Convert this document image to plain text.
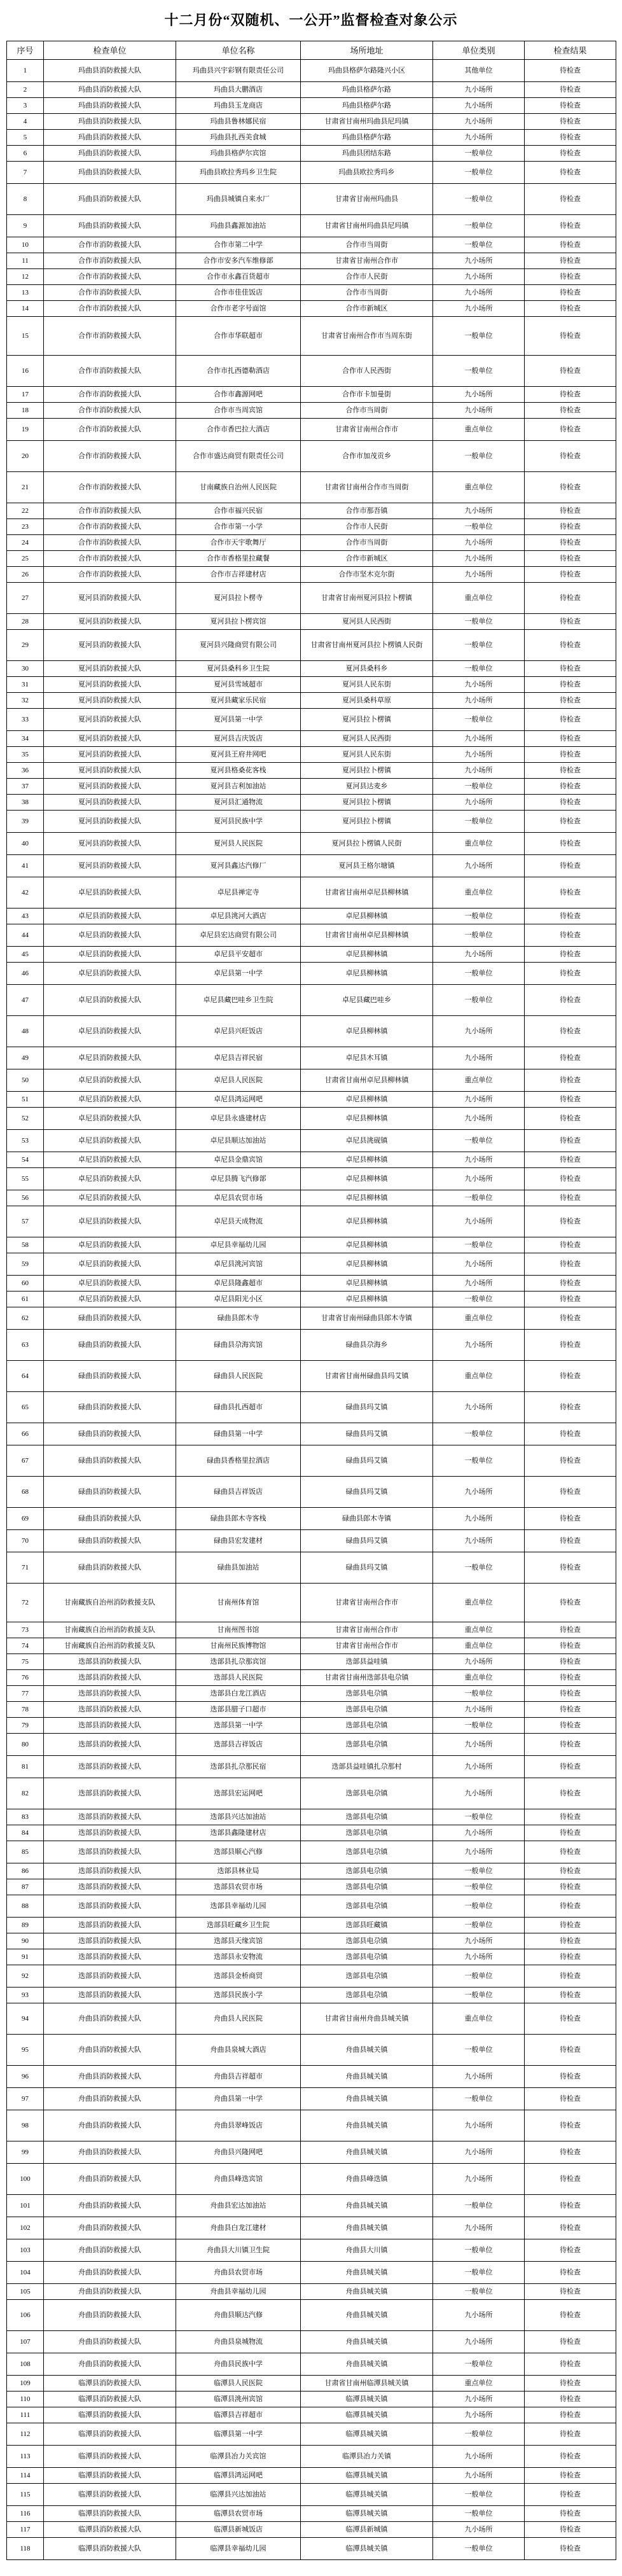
十二月份“双随机、一公开”监督检查对象公示
序号	检查单位	单位名称	场所地址	单位类别	检查结果
1	玛曲县消防救援大队	玛曲县兴宇彩钢有限责任公司	玛曲县格萨尔路隆兴小区	其他单位	待检查
2	玛曲县消防救援大队	玛曲县大鹏酒店	玛曲县格萨尔路	九小场所	待检查
3	玛曲县消防救援大队	玛曲县玉龙商店	玛曲县格萨尔路	九小场所	待检查
4	玛曲县消防救援大队	玛曲县鲁林娜民宿	甘肃省甘南州玛曲县尼玛镇	九小场所	待检查
5	玛曲县消防救援大队	玛曲县扎西美食城	玛曲县格萨尔路	九小场所	待检查
6	玛曲县消防救援大队	玛曲县格萨尔宾馆	玛曲县团结东路	一般单位	待检查
7	玛曲县消防救援大队	玛曲县欧拉秀玛乡卫生院	玛曲县欧拉秀玛乡	一般单位	待检查
8	玛曲县消防救援大队	玛曲县城镇自来水厂	甘肃省甘南州玛曲县	一般单位	待检查
9	玛曲县消防救援大队	玛曲县鑫源加油站	甘肃省甘南州玛曲县尼玛镇	一般单位	待检查
10	合作市消防救援大队	合作市第二中学	合作市当周街	一般单位	待检查
11	合作市消防救援大队	合作市安多汽车维修部	甘肃省甘南州合作市	九小场所	待检查
12	合作市消防救援大队	合作市永鑫百货超市	合作市人民街	九小场所	待检查
13	合作市消防救援大队	合作市佳佳饭店	合作市当周街	九小场所	待检查
14	合作市消防救援大队	合作市老字号面馆	合作市新城区	九小场所	待检查
15	合作市消防救援大队	合作市华联超市	甘肃省甘南州合作市当周东街	一般单位	待检查
16	合作市消防救援大队	合作市扎西德勒酒店	合作市人民西街	一般单位	待检查
17	合作市消防救援大队	合作市鑫源网吧	合作市卡加曼街	九小场所	待检查
18	合作市消防救援大队	合作市当周宾馆	合作市当周街	九小场所	待检查
19	合作市消防救援大队	合作市香巴拉大酒店	甘肃省甘南州合作市	重点单位	待检查
20	合作市消防救援大队	合作市盛达商贸有限责任公司	合作市加茂贡乡	一般单位	待检查
21	合作市消防救援大队	甘南藏族自治州人民医院	甘肃省甘南州合作市当周街	重点单位	待检查
22	合作市消防救援大队	合作市福兴民宿	合作市那吾镇	九小场所	待检查
23	合作市消防救援大队	合作市第一小学	合作市人民街	一般单位	待检查
24	合作市消防救援大队	合作市天宇歌舞厅	合作市当周街	九小场所	待检查
25	合作市消防救援大队	合作市香格里拉藏餐	合作市新城区	九小场所	待检查
26	合作市消防救援大队	合作市吉祥建材店	合作市坚木克尔街	九小场所	待检查
27	夏河县消防救援大队	夏河县拉卜楞寺	甘肃省甘南州夏河县拉卜楞镇	重点单位	待检查
28	夏河县消防救援大队	夏河县拉卜楞宾馆	夏河县人民西街	一般单位	待检查
29	夏河县消防救援大队	夏河县兴隆商贸有限公司	甘肃省甘南州夏河县拉卜楞镇人民街	一般单位	待检查
30	夏河县消防救援大队	夏河县桑科乡卫生院	夏河县桑科乡	一般单位	待检查
31	夏河县消防救援大队	夏河县雪域超市	夏河县人民东街	九小场所	待检查
32	夏河县消防救援大队	夏河县藏家乐民宿	夏河县桑科草原	九小场所	待检查
33	夏河县消防救援大队	夏河县第一中学	夏河县拉卜楞镇	一般单位	待检查
34	夏河县消防救援大队	夏河县吉庆饭店	夏河县人民西街	九小场所	待检查
35	夏河县消防救援大队	夏河县王府井网吧	夏河县人民东街	九小场所	待检查
36	夏河县消防救援大队	夏河县格桑花客栈	夏河县拉卜楞镇	九小场所	待检查
37	夏河县消防救援大队	夏河县吉利加油站	夏河县达麦乡	一般单位	待检查
38	夏河县消防救援大队	夏河县汇通物流	夏河县拉卜楞镇	九小场所	待检查
39	夏河县消防救援大队	夏河县民族中学	夏河县拉卜楞镇	一般单位	待检查
40	夏河县消防救援大队	夏河县人民医院	夏河县拉卜楞镇人民街	重点单位	待检查
41	夏河县消防救援大队	夏河县鑫达汽修厂	夏河县王格尔塘镇	九小场所	待检查
42	卓尼县消防救援大队	卓尼县禅定寺	甘肃省甘南州卓尼县柳林镇	重点单位	待检查
43	卓尼县消防救援大队	卓尼县洮河大酒店	卓尼县柳林镇	一般单位	待检查
44	卓尼县消防救援大队	卓尼县宏达商贸有限公司	甘肃省甘南州卓尼县柳林镇	一般单位	待检查
45	卓尼县消防救援大队	卓尼县平安超市	卓尼县柳林镇	九小场所	待检查
46	卓尼县消防救援大队	卓尼县第一中学	卓尼县柳林镇	一般单位	待检查
47	卓尼县消防救援大队	卓尼县藏巴哇乡卫生院	卓尼县藏巴哇乡	一般单位	待检查
48	卓尼县消防救援大队	卓尼县兴旺饭店	卓尼县柳林镇	九小场所	待检查
49	卓尼县消防救援大队	卓尼县吉祥民宿	卓尼县木耳镇	九小场所	待检查
50	卓尼县消防救援大队	卓尼县人民医院	甘肃省甘南州卓尼县柳林镇	重点单位	待检查
51	卓尼县消防救援大队	卓尼县鸿运网吧	卓尼县柳林镇	九小场所	待检查
52	卓尼县消防救援大队	卓尼县永盛建材店	卓尼县柳林镇	九小场所	待检查
53	卓尼县消防救援大队	卓尼县顺达加油站	卓尼县洮砚镇	一般单位	待检查
54	卓尼县消防救援大队	卓尼县金鼎宾馆	卓尼县柳林镇	九小场所	待检查
55	卓尼县消防救援大队	卓尼县腾飞汽修部	卓尼县柳林镇	九小场所	待检查
56	卓尼县消防救援大队	卓尼县农贸市场	卓尼县柳林镇	一般单位	待检查
57	卓尼县消防救援大队	卓尼县天成物流	卓尼县柳林镇	九小场所	待检查
58	卓尼县消防救援大队	卓尼县幸福幼儿园	卓尼县柳林镇	一般单位	待检查
59	卓尼县消防救援大队	卓尼县洮河宾馆	卓尼县柳林镇	九小场所	待检查
60	卓尼县消防救援大队	卓尼县隆鑫超市	卓尼县柳林镇	九小场所	待检查
61	卓尼县消防救援大队	卓尼县阳光小区	卓尼县柳林镇	一般单位	待检查
62	碌曲县消防救援大队	碌曲县郎木寺	甘肃省甘南州碌曲县郎木寺镇	重点单位	待检查
63	碌曲县消防救援大队	碌曲县尕海宾馆	碌曲县尕海乡	九小场所	待检查
64	碌曲县消防救援大队	碌曲县人民医院	甘肃省甘南州碌曲县玛艾镇	重点单位	待检查
65	碌曲县消防救援大队	碌曲县扎西超市	碌曲县玛艾镇	九小场所	待检查
66	碌曲县消防救援大队	碌曲县第一中学	碌曲县玛艾镇	一般单位	待检查
67	碌曲县消防救援大队	碌曲县香格里拉酒店	碌曲县玛艾镇	一般单位	待检查
68	碌曲县消防救援大队	碌曲县吉祥饭店	碌曲县玛艾镇	九小场所	待检查
69	碌曲县消防救援大队	碌曲县郎木寺客栈	碌曲县郎木寺镇	九小场所	待检查
70	碌曲县消防救援大队	碌曲县宏发建材	碌曲县玛艾镇	九小场所	待检查
71	碌曲县消防救援大队	碌曲县加油站	碌曲县玛艾镇	一般单位	待检查
72	甘南藏族自治州消防救援支队	甘南州体育馆	甘肃省甘南州合作市	重点单位	待检查
73	甘南藏族自治州消防救援支队	甘南州图书馆	甘肃省甘南州合作市	重点单位	待检查
74	甘南藏族自治州消防救援支队	甘南州民族博物馆	甘肃省甘南州合作市	重点单位	待检查
75	迭部县消防救援大队	迭部县扎尕那宾馆	迭部县益哇镇	九小场所	待检查
76	迭部县消防救援大队	迭部县人民医院	甘肃省甘南州迭部县电尕镇	重点单位	待检查
77	迭部县消防救援大队	迭部县白龙江酒店	迭部县电尕镇	一般单位	待检查
78	迭部县消防救援大队	迭部县腊子口超市	迭部县电尕镇	九小场所	待检查
79	迭部县消防救援大队	迭部县第一中学	迭部县电尕镇	一般单位	待检查
80	迭部县消防救援大队	迭部县吉祥饭店	迭部县电尕镇	九小场所	待检查
81	迭部县消防救援大队	迭部县扎尕那民宿	迭部县益哇镇扎尕那村	九小场所	待检查
82	迭部县消防救援大队	迭部县宏运网吧	迭部县电尕镇	九小场所	待检查
83	迭部县消防救援大队	迭部县兴达加油站	迭部县电尕镇	一般单位	待检查
84	迭部县消防救援大队	迭部县鑫隆建材店	迭部县电尕镇	九小场所	待检查
85	迭部县消防救援大队	迭部县顺心汽修	迭部县电尕镇	九小场所	待检查
86	迭部县消防救援大队	迭部县林业局	迭部县电尕镇	一般单位	待检查
87	迭部县消防救援大队	迭部县农贸市场	迭部县电尕镇	一般单位	待检查
88	迭部县消防救援大队	迭部县幸福幼儿园	迭部县电尕镇	一般单位	待检查
89	迭部县消防救援大队	迭部县旺藏乡卫生院	迭部县旺藏镇	一般单位	待检查
90	迭部县消防救援大队	迭部县天缘宾馆	迭部县电尕镇	九小场所	待检查
91	迭部县消防救援大队	迭部县永安物流	迭部县电尕镇	九小场所	待检查
92	迭部县消防救援大队	迭部县金桥商贸	迭部县电尕镇	一般单位	待检查
93	迭部县消防救援大队	迭部县民族小学	迭部县电尕镇	一般单位	待检查
94	舟曲县消防救援大队	舟曲县人民医院	甘肃省甘南州舟曲县城关镇	重点单位	待检查
95	舟曲县消防救援大队	舟曲县泉城大酒店	舟曲县城关镇	一般单位	待检查
96	舟曲县消防救援大队	舟曲县吉祥超市	舟曲县城关镇	九小场所	待检查
97	舟曲县消防救援大队	舟曲县第一中学	舟曲县城关镇	一般单位	待检查
98	舟曲县消防救援大队	舟曲县翠峰饭店	舟曲县城关镇	九小场所	待检查
99	舟曲县消防救援大队	舟曲县兴隆网吧	舟曲县城关镇	九小场所	待检查
100	舟曲县消防救援大队	舟曲县峰迭宾馆	舟曲县峰迭镇	九小场所	待检查
101	舟曲县消防救援大队	舟曲县宏达加油站	舟曲县城关镇	一般单位	待检查
102	舟曲县消防救援大队	舟曲县白龙江建材	舟曲县城关镇	九小场所	待检查
103	舟曲县消防救援大队	舟曲县大川镇卫生院	舟曲县大川镇	一般单位	待检查
104	舟曲县消防救援大队	舟曲县农贸市场	舟曲县城关镇	一般单位	待检查
105	舟曲县消防救援大队	舟曲县幸福幼儿园	舟曲县城关镇	一般单位	待检查
106	舟曲县消防救援大队	舟曲县顺达汽修	舟曲县城关镇	九小场所	待检查
107	舟曲县消防救援大队	舟曲县泉城物流	舟曲县城关镇	九小场所	待检查
108	舟曲县消防救援大队	舟曲县民族中学	舟曲县城关镇	一般单位	待检查
109	临潭县消防救援大队	临潭县人民医院	甘肃省甘南州临潭县城关镇	重点单位	待检查
110	临潭县消防救援大队	临潭县洮州宾馆	临潭县城关镇	九小场所	待检查
111	临潭县消防救援大队	临潭县吉祥超市	临潭县城关镇	九小场所	待检查
112	临潭县消防救援大队	临潭县第一中学	临潭县城关镇	一般单位	待检查
113	临潭县消防救援大队	临潭县冶力关宾馆	临潭县冶力关镇	九小场所	待检查
114	临潭县消防救援大队	临潭县鸿运网吧	临潭县城关镇	九小场所	待检查
115	临潭县消防救援大队	临潭县兴达加油站	临潭县城关镇	一般单位	待检查
116	临潭县消防救援大队	临潭县农贸市场	临潭县城关镇	一般单位	待检查
117	临潭县消防救援大队	临潭县新城饭店	临潭县新城镇	九小场所	待检查
118	临潭县消防救援大队	临潭县幸福幼儿园	临潭县城关镇	一般单位	待检查
